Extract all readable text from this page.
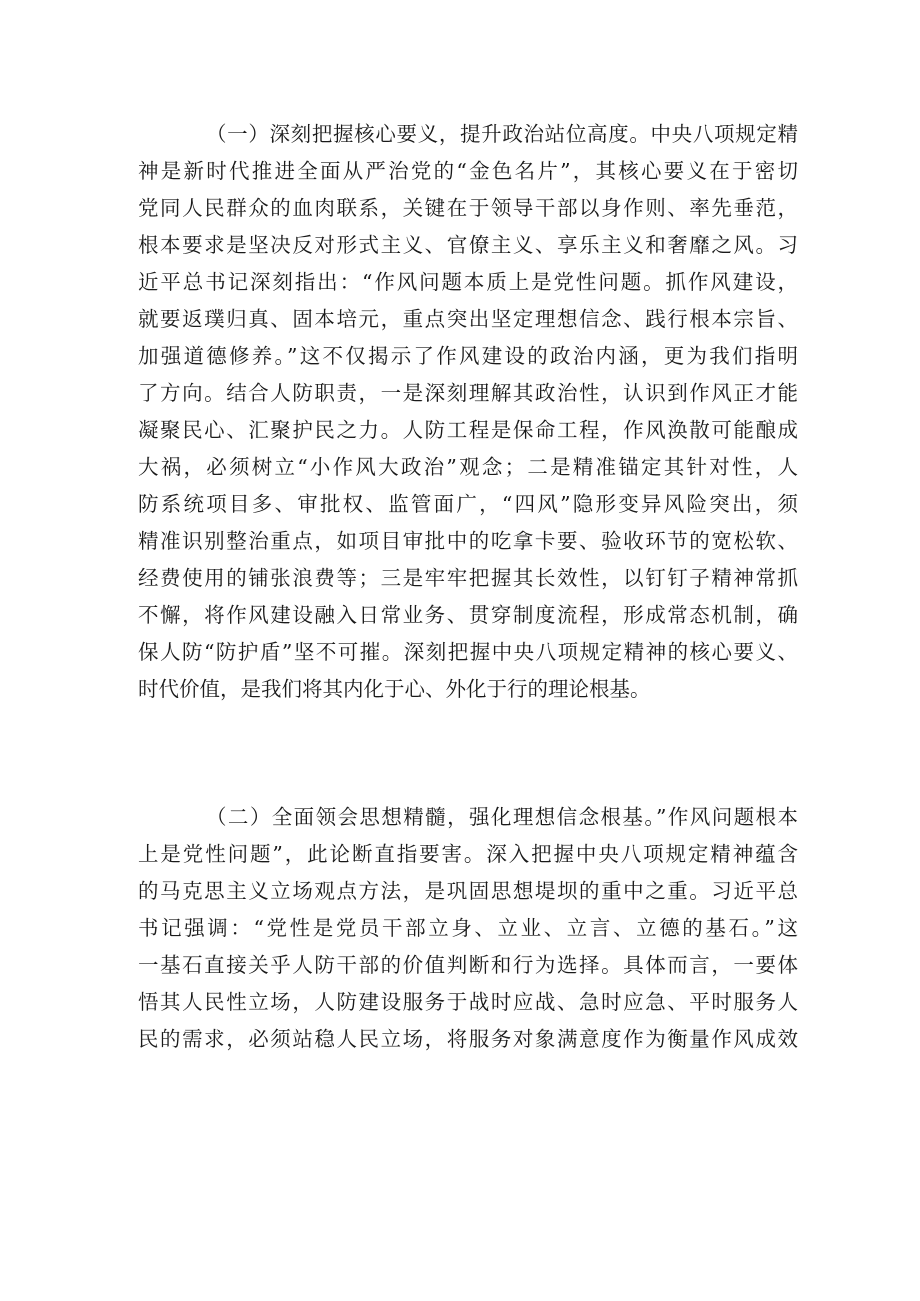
（一）深刻把握核心要义，提升政治站位高度。中央八项规定精
神是新时代推进全面从严治党的“金色名片”，其核心要义在于密切
党同人民群众的血肉联系，关键在于领导干部以身作则、率先垂范，
根本要求是坚决反对形式主义、官僚主义、享乐主义和奢靡之风。习
近平总书记深刻指出：“作风问题本质上是党性问题。抓作风建设，
就要返璞归真、固本培元，重点突出坚定理想信念、践行根本宗旨、
加强道德修养。”这不仅揭示了作风建设的政治内涵，更为我们指明
了方向。结合人防职责，一是深刻理解其政治性，认识到作风正才能
凝聚民心、汇聚护民之力。人防工程是保命工程，作风涣散可能酿成
大祸，必须树立“小作风大政治”观念；二是精准锚定其针对性，人
防系统项目多、审批权、监管面广，“四风”隐形变异风险突出，须
精准识别整治重点，如项目审批中的吃拿卡要、验收环节的宽松软、
经费使用的铺张浪费等；三是牢牢把握其长效性，以钉钉子精神常抓
不懈，将作风建设融入日常业务、贯穿制度流程，形成常态机制，确
保人防“防护盾”坚不可摧。深刻把握中央八项规定精神的核心要义、
时代价值，是我们将其内化于心、外化于行的理论根基。

（二）全面领会思想精髓，强化理想信念根基。”作风问题根本
上是党性问题”，此论断直指要害。深入把握中央八项规定精神蕴含
的马克思主义立场观点方法，是巩固思想堤坝的重中之重。习近平总
书记强调：“党性是党员干部立身、立业、立言、立德的基石。”这
一基石直接关乎人防干部的价值判断和行为选择。具体而言，一要体
悟其人民性立场，人防建设服务于战时应战、急时应急、平时服务人
民的需求，必须站稳人民立场，将服务对象满意度作为衡量作风成效
